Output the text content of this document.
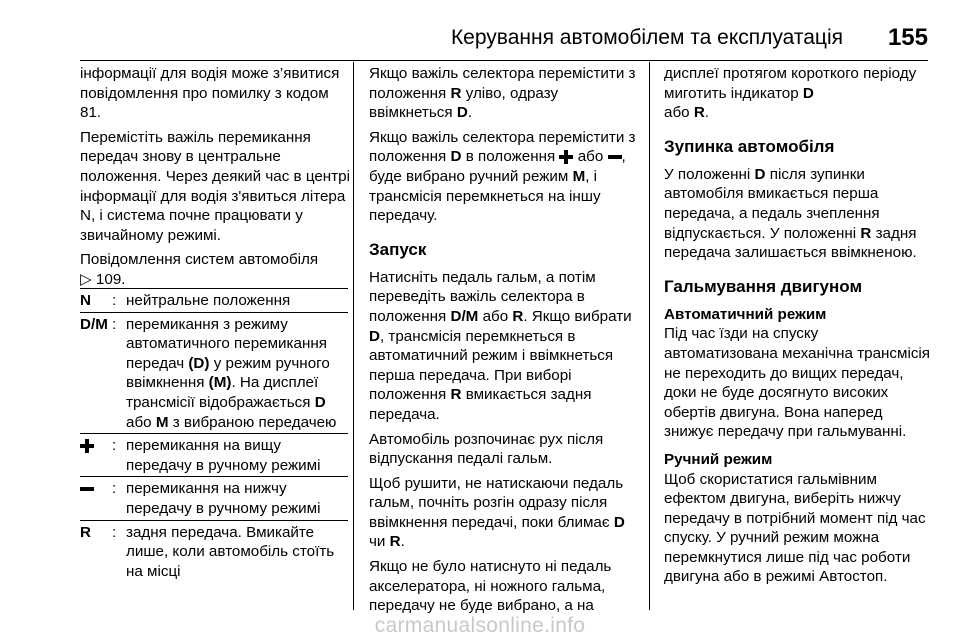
Керування автомобілем та експлуатація 155

інформації для водія може з’явитися повідомлення про помилку з кодом 81.

Перемістіть важіль перемикання передач знову в центральне положення. Через деякий час в центрі інформації для водія з'явиться літера N, і система почне працювати у звичайному режимі.

Повідомлення систем автомобіля
▷ 109.

N	: нейтральне положення
D/M : перемикання з режиму автоматичного перемикання передач (D) у режим ручного ввімкнення (M). На дисплеї трансмісії відображається D або M з вибраною передачею
: перемикання на вищу передачу в ручному режимі
: перемикання на нижчу передачу в ручному режимі
R	: задня передача. Вмикайте лише, коли автомобіль стоїть на місці

Якщо важіль селектора перемістити з положення R уліво, одразу ввімкнеться D.

Якщо важіль селектора перемістити з положення D в положення або , буде вибрано ручний режим M, і трансмісія перемкнеться на іншу передачу.

Запуск

Натисніть педаль гальм, а потім переведіть важіль селектора в положення D/M або R. Якщо вибрати D, трансмісія перемкнеться в автоматичний режим і ввімкнеться перша передача. При виборі положення R вмикається задня передача.

Автомобіль розпочинає рух після відпускання педалі гальм.

Щоб рушити, не натискаючи педаль гальм, почніть розгін одразу після ввімкнення передачі, поки блимає D чи R.

Якщо не було натиснуто ні педаль акселератора, ні ножного гальма, передачу не буде вибрано, а на

дисплеї протягом короткого періоду миготить індикатор D
або R.

Зупинка автомобіля

У положенні D після зупинки автомобіля вмикається перша передача, а педаль зчеплення відпускається. У положенні R задня передача залишається ввімкненою.

Гальмування двигуном
Автоматичний режим

Під час їзди на спуску автоматизована механічна трансмісія не переходить до вищих передач, доки не буде досягнуто високих обертів двигуна. Вона наперед знижує передачу при гальмуванні.

Ручний режим

Щоб скористатися гальмівним ефектом двигуна, виберіть нижчу передачу в потрібний момент під час спуску. У ручний режим можна перемкнутися лише під час роботи двигуна або в режимі Автостоп.

carmanualsonline.info
